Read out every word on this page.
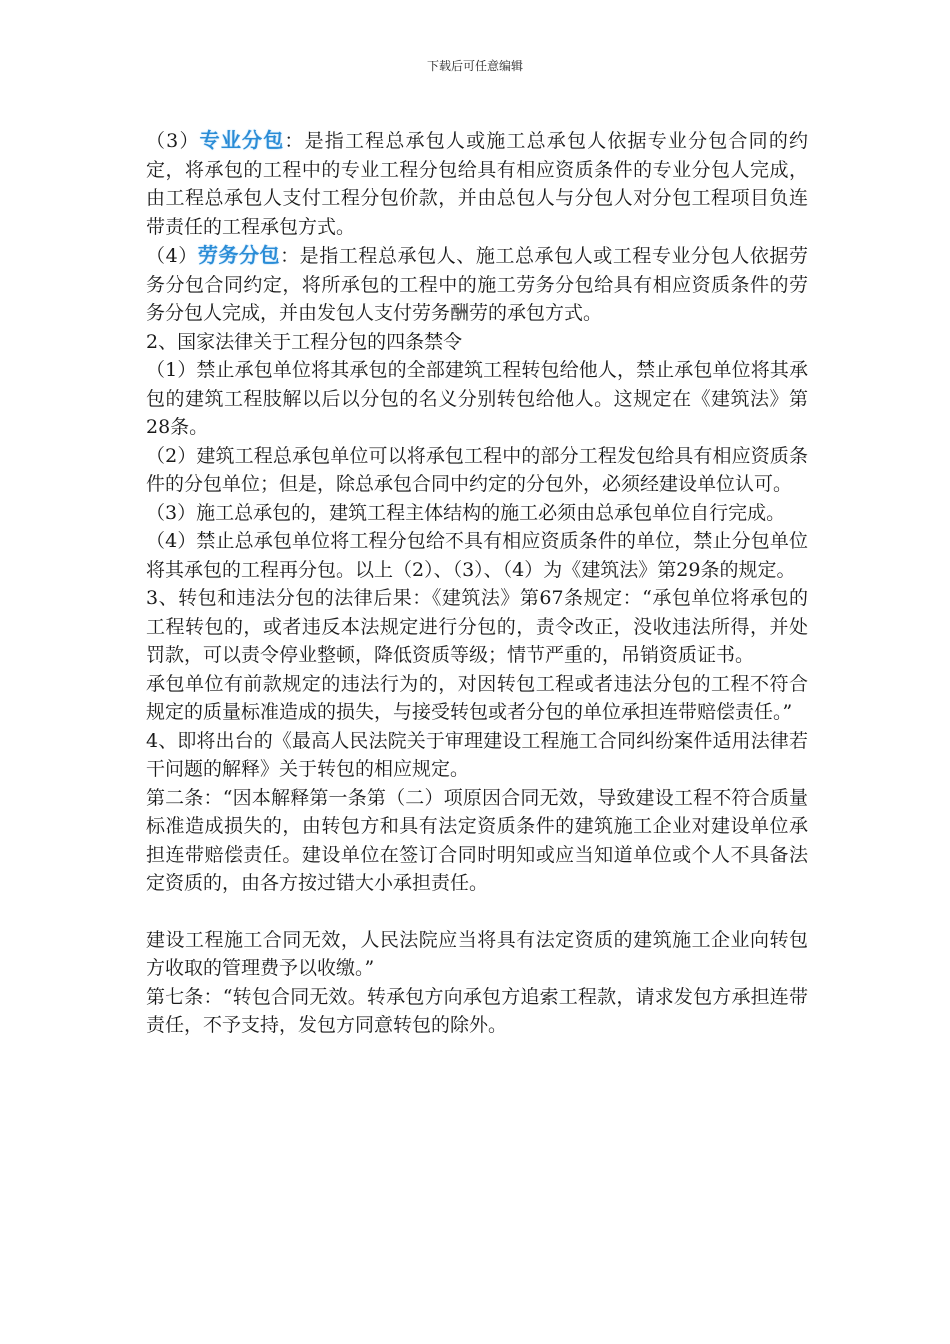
下载后可任意编辑

（3）专业分包：是指工程总承包人或施工总承包人依据专业分包合同的约定，将承包的工程中的专业工程分包给具有相应资质条件的专业分包人完成，由工程总承包人支付工程分包价款，并由总包人与分包人对分包工程项目负连带责任的工程承包方式。

（4）劳务分包：是指工程总承包人、施工总承包人或工程专业分包人依据劳务分包合同约定，将所承包的工程中的施工劳务分包给具有相应资质条件的劳务分包人完成，并由发包人支付劳务酬劳的承包方式。

2、国家法律关于工程分包的四条禁令

（1）禁止承包单位将其承包的全部建筑工程转包给他人，禁止承包单位将其承包的建筑工程肢解以后以分包的名义分别转包给他人。这规定在《建筑法》第28条。

（2）建筑工程总承包单位可以将承包工程中的部分工程发包给具有相应资质条件的分包单位；但是，除总承包合同中约定的分包外，必须经建设单位认可。

（3）施工总承包的，建筑工程主体结构的施工必须由总承包单位自行完成。

（4）禁止总承包单位将工程分包给不具有相应资质条件的单位，禁止分包单位将其承包的工程再分包。以上（2）、（3）、（4）为《建筑法》第29条的规定。

3、转包和违法分包的法律后果：《建筑法》第67条规定：“承包单位将承包的工程转包的，或者违反本法规定进行分包的，责令改正，没收违法所得，并处罚款，可以责令停业整顿，降低资质等级；情节严重的，吊销资质证书。

承包单位有前款规定的违法行为的，对因转包工程或者违法分包的工程不符合规定的质量标准造成的损失，与接受转包或者分包的单位承担连带赔偿责任。”

4、即将出台的《最高人民法院关于审理建设工程施工合同纠纷案件适用法律若干问题的解释》关于转包的相应规定。

第二条：“因本解释第一条第（二）项原因合同无效，导致建设工程不符合质量标准造成损失的，由转包方和具有法定资质条件的建筑施工企业对建设单位承担连带赔偿责任。建设单位在签订合同时明知或应当知道单位或个人不具备法定资质的，由各方按过错大小承担责任。

建设工程施工合同无效，人民法院应当将具有法定资质的建筑施工企业向转包方收取的管理费予以收缴。”

第七条：“转包合同无效。转承包方向承包方追索工程款，请求发包方承担连带责任，不予支持，发包方同意转包的除外。
